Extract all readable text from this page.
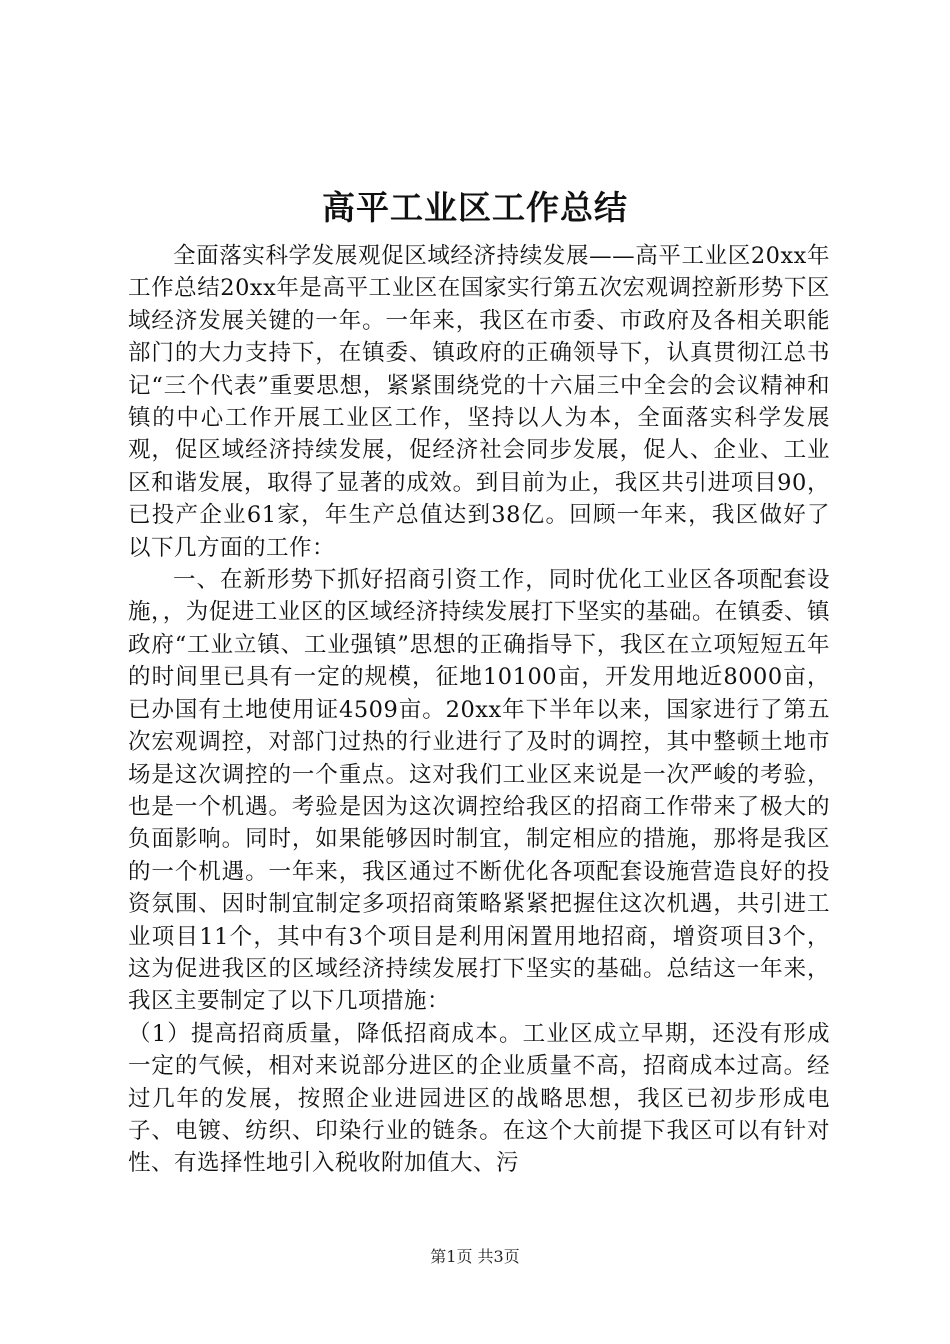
高平工业区工作总结

全面落实科学发展观促区域经济持续发展——高平工业区20xx年工作总结20xx年是高平工业区在国家实行第五次宏观调控新形势下区域经济发展关键的一年。一年来，我区在市委、市政府及各相关职能部门的大力支持下，在镇委、镇政府的正确领导下，认真贯彻江总书记“三个代表”重要思想，紧紧围绕党的十六届三中全会的会议精神和镇的中心工作开展工业区工作，坚持以人为本，全面落实科学发展观，促区域经济持续发展，促经济社会同步发展，促人、企业、工业区和谐发展，取得了显著的成效。到目前为止，我区共引进项目90，已投产企业61家，年生产总值达到38亿。回顾一年来，我区做好了以下几方面的工作：

一、在新形势下抓好招商引资工作，同时优化工业区各项配套设施，，为促进工业区的区域经济持续发展打下坚实的基础。在镇委、镇政府“工业立镇、工业强镇”思想的正确指导下，我区在立项短短五年的时间里已具有一定的规模，征地10100亩，开发用地近8000亩，已办国有土地使用证4509亩。20xx年下半年以来，国家进行了第五次宏观调控，对部门过热的行业进行了及时的调控，其中整顿土地市场是这次调控的一个重点。这对我们工业区来说是一次严峻的考验，也是一个机遇。考验是因为这次调控给我区的招商工作带来了极大的负面影响。同时，如果能够因时制宜，制定相应的措施，那将是我区的一个机遇。一年来，我区通过不断优化各项配套设施营造良好的投资氛围、因时制宜制定多项招商策略紧紧把握住这次机遇，共引进工业项目11个，其中有3个项目是利用闲置用地招商，增资项目3个，这为促进我区的区域经济持续发展打下坚实的基础。总结这一年来，我区主要制定了以下几项措施：

（1）提高招商质量，降低招商成本。工业区成立早期，还没有形成一定的气候，相对来说部分进区的企业质量不高，招商成本过高。经过几年的发展，按照企业进园进区的战略思想，我区已初步形成电子、电镀、纺织、印染行业的链条。在这个大前提下我区可以有针对性、有选择性地引入税收附加值大、污

第1页 共3页
